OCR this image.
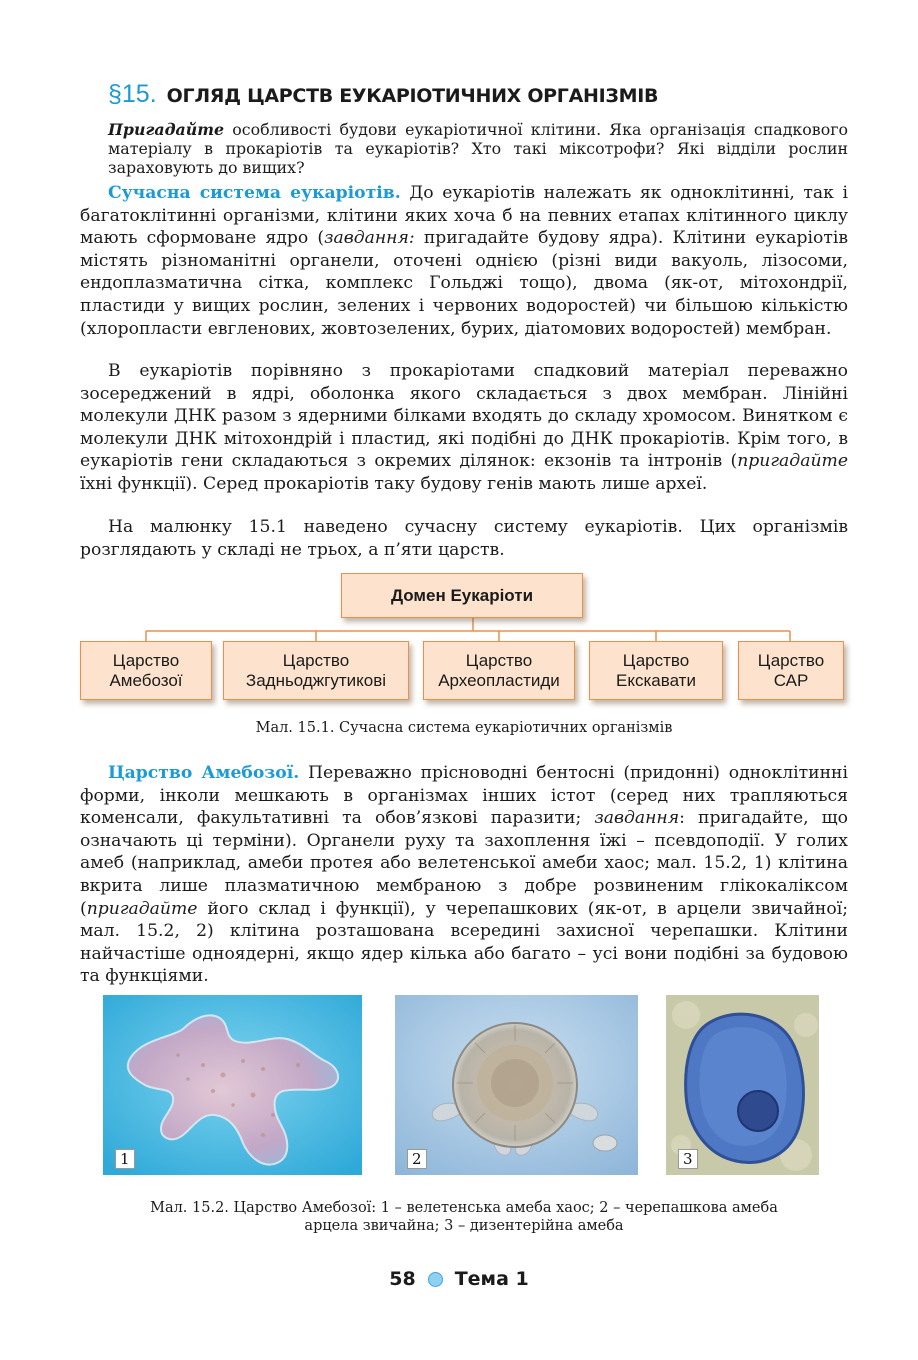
§15. ОГЛЯД ЦАРСТВ ЕУКАРІОТИЧНИХ ОРГАНІЗМІВ

Пригадайте особливості будови еукаріотичної клітини. Яка організація спадкового матеріалу в прокаріотів та еукаріотів? Хто такі міксотрофи? Які відділи рослин зараховують до вищих?

Сучасна система еукаріотів. До еукаріотів належать як одноклітинні, так і багатоклітинні організми, клітини яких хоча б на певних етапах клітинного циклу мають сформоване ядро (завдання: пригадайте будову ядра). Клітини еукаріотів містять різноманітні органели, оточені однією (різні види вакуоль, лізосоми, ендоплазматична сітка, комплекс Гольджі тощо), двома (як-от, мітохондрії, пластиди у вищих рослин, зелених і червоних водоростей) чи більшою кількістю (хлоропласти евгленових, жовтозелених, бурих, діатомових водоростей) мембран.

В еукаріотів порівняно з прокаріотами спадковий матеріал переважно зосереджений в ядрі, оболонка якого складається з двох мембран. Лінійні молекули ДНК разом з ядерними білками входять до складу хромосом. Винятком є молекули ДНК мітохондрій і пластид, які подібні до ДНК прокаріотів. Крім того, в еукаріотів гени складаються з окремих ділянок: екзонів та інтронів (пригадайте їхні функції). Серед прокаріотів таку будову генів мають лише археї.

На малюнку 15.1 наведено сучасну систему еукаріотів. Цих організмів розглядають у складі не трьох, а п’яти царств.

Домен Еукаріоти
Царство
Амебозої
Царство
Задньоджгутикові
Царство
Археопластиди
Царство
Екскавати
Царство
САР

Мал. 15.1. Сучасна система еукаріотичних організмів

Царство Амебозої. Переважно прісноводні бентосні (придонні) одноклітинні форми, інколи мешкають в організмах інших істот (серед них трапляються коменсали, факультативні та обов’язкові паразити; завдання: пригадайте, що означають ці терміни). Органели руху та захоплення їжі – псевдоподії. У голих амеб (наприклад, амеби протея або велетенської амеби хаос; мал. 15.2, 1) клітина вкрита лише плазматичною мембраною з добре розвиненим глікокаліксом (пригадайте його склад і функції), у черепашкових (як-от, в арцели звичайної; мал. 15.2, 2) клітина розташована всередині захисної черепашки. Клітини найчастіше одноядерні, якщо ядер кілька або багато – усі вони подібні за будовою та функціями.

1	2	3

Мал. 15.2. Царство Амебозої: 1 – велетенська амеба хаос; 2 – черепашкова амеба

арцела звичайна; 3 – дизентерійна амеба

58 Тема 1
